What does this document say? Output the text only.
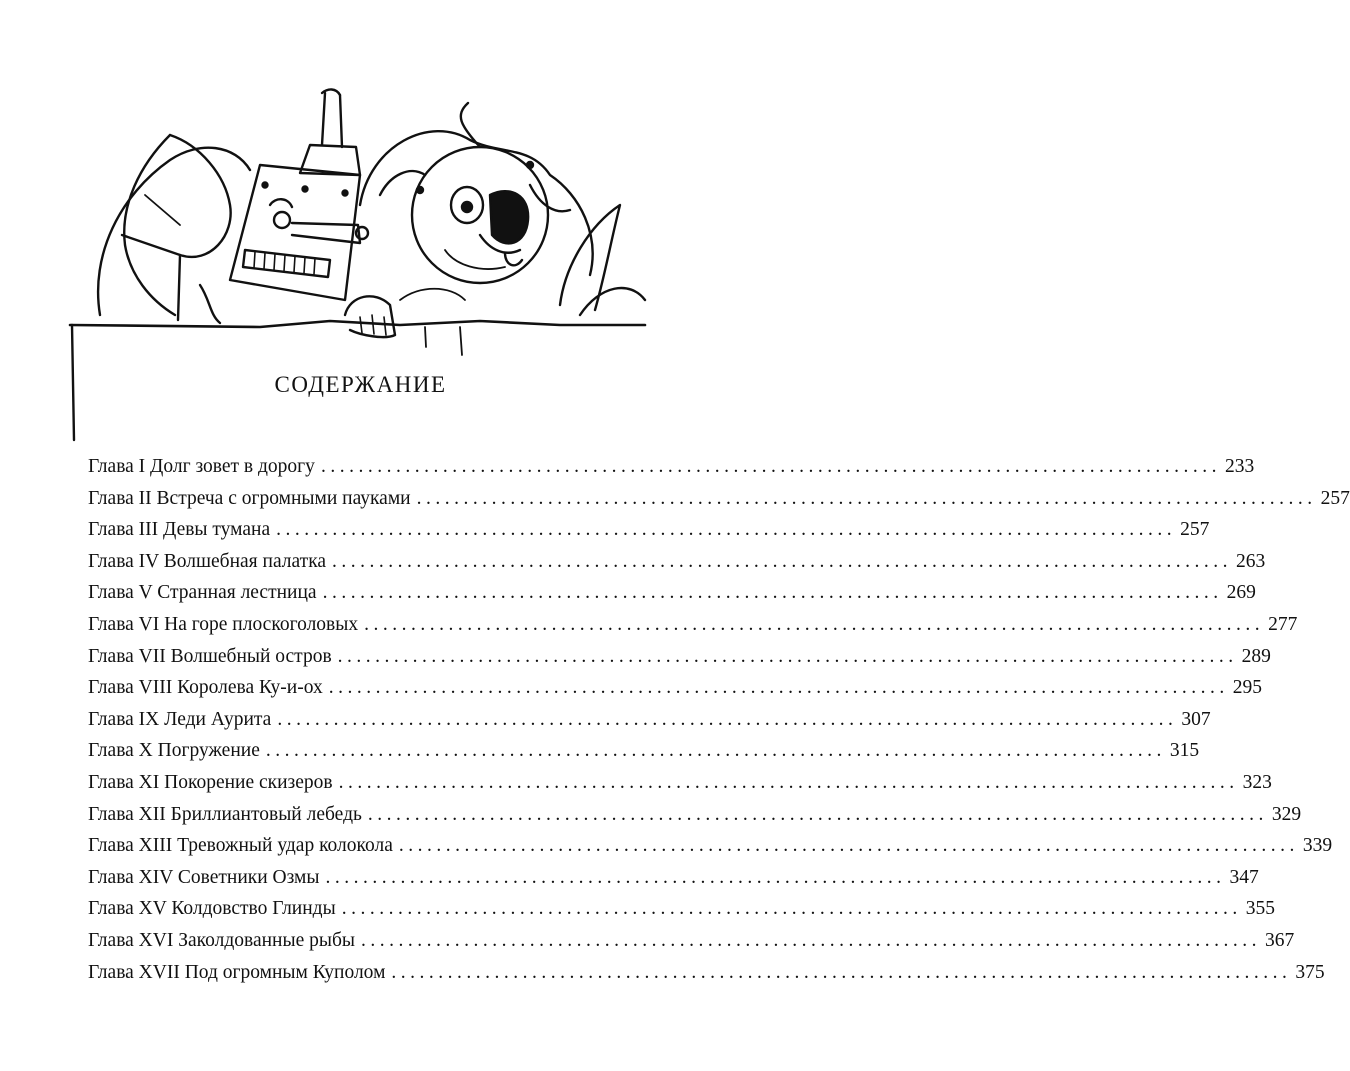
СОДЕРЖАНИЕ
Глава I Долг зовет в дорогу ................................................................................................ 233
Глава II Встреча с огромными пауками ................................................................................................ 257
Глава III Девы тумана ................................................................................................ 257
Глава IV Волшебная палатка ................................................................................................ 263
Глава V Странная лестница ................................................................................................ 269
Глава VI На горе плоскоголовых ................................................................................................ 277
Глава VII Волшебный остров ................................................................................................ 289
Глава VIII Королева Ку-и-ох ................................................................................................ 295
Глава IX Леди Аурита ................................................................................................ 307
Глава X Погружение ................................................................................................ 315
Глава XI Покорение скизеров ................................................................................................ 323
Глава XII Бриллиантовый лебедь ................................................................................................ 329
Глава XIII Тревожный удар колокола ................................................................................................ 339
Глава XIV Советники Озмы ................................................................................................ 347
Глава XV Колдовство Глинды ................................................................................................ 355
Глава XVI Заколдованные рыбы ................................................................................................ 367
Глава XVII Под огромным Куполом ................................................................................................ 375
